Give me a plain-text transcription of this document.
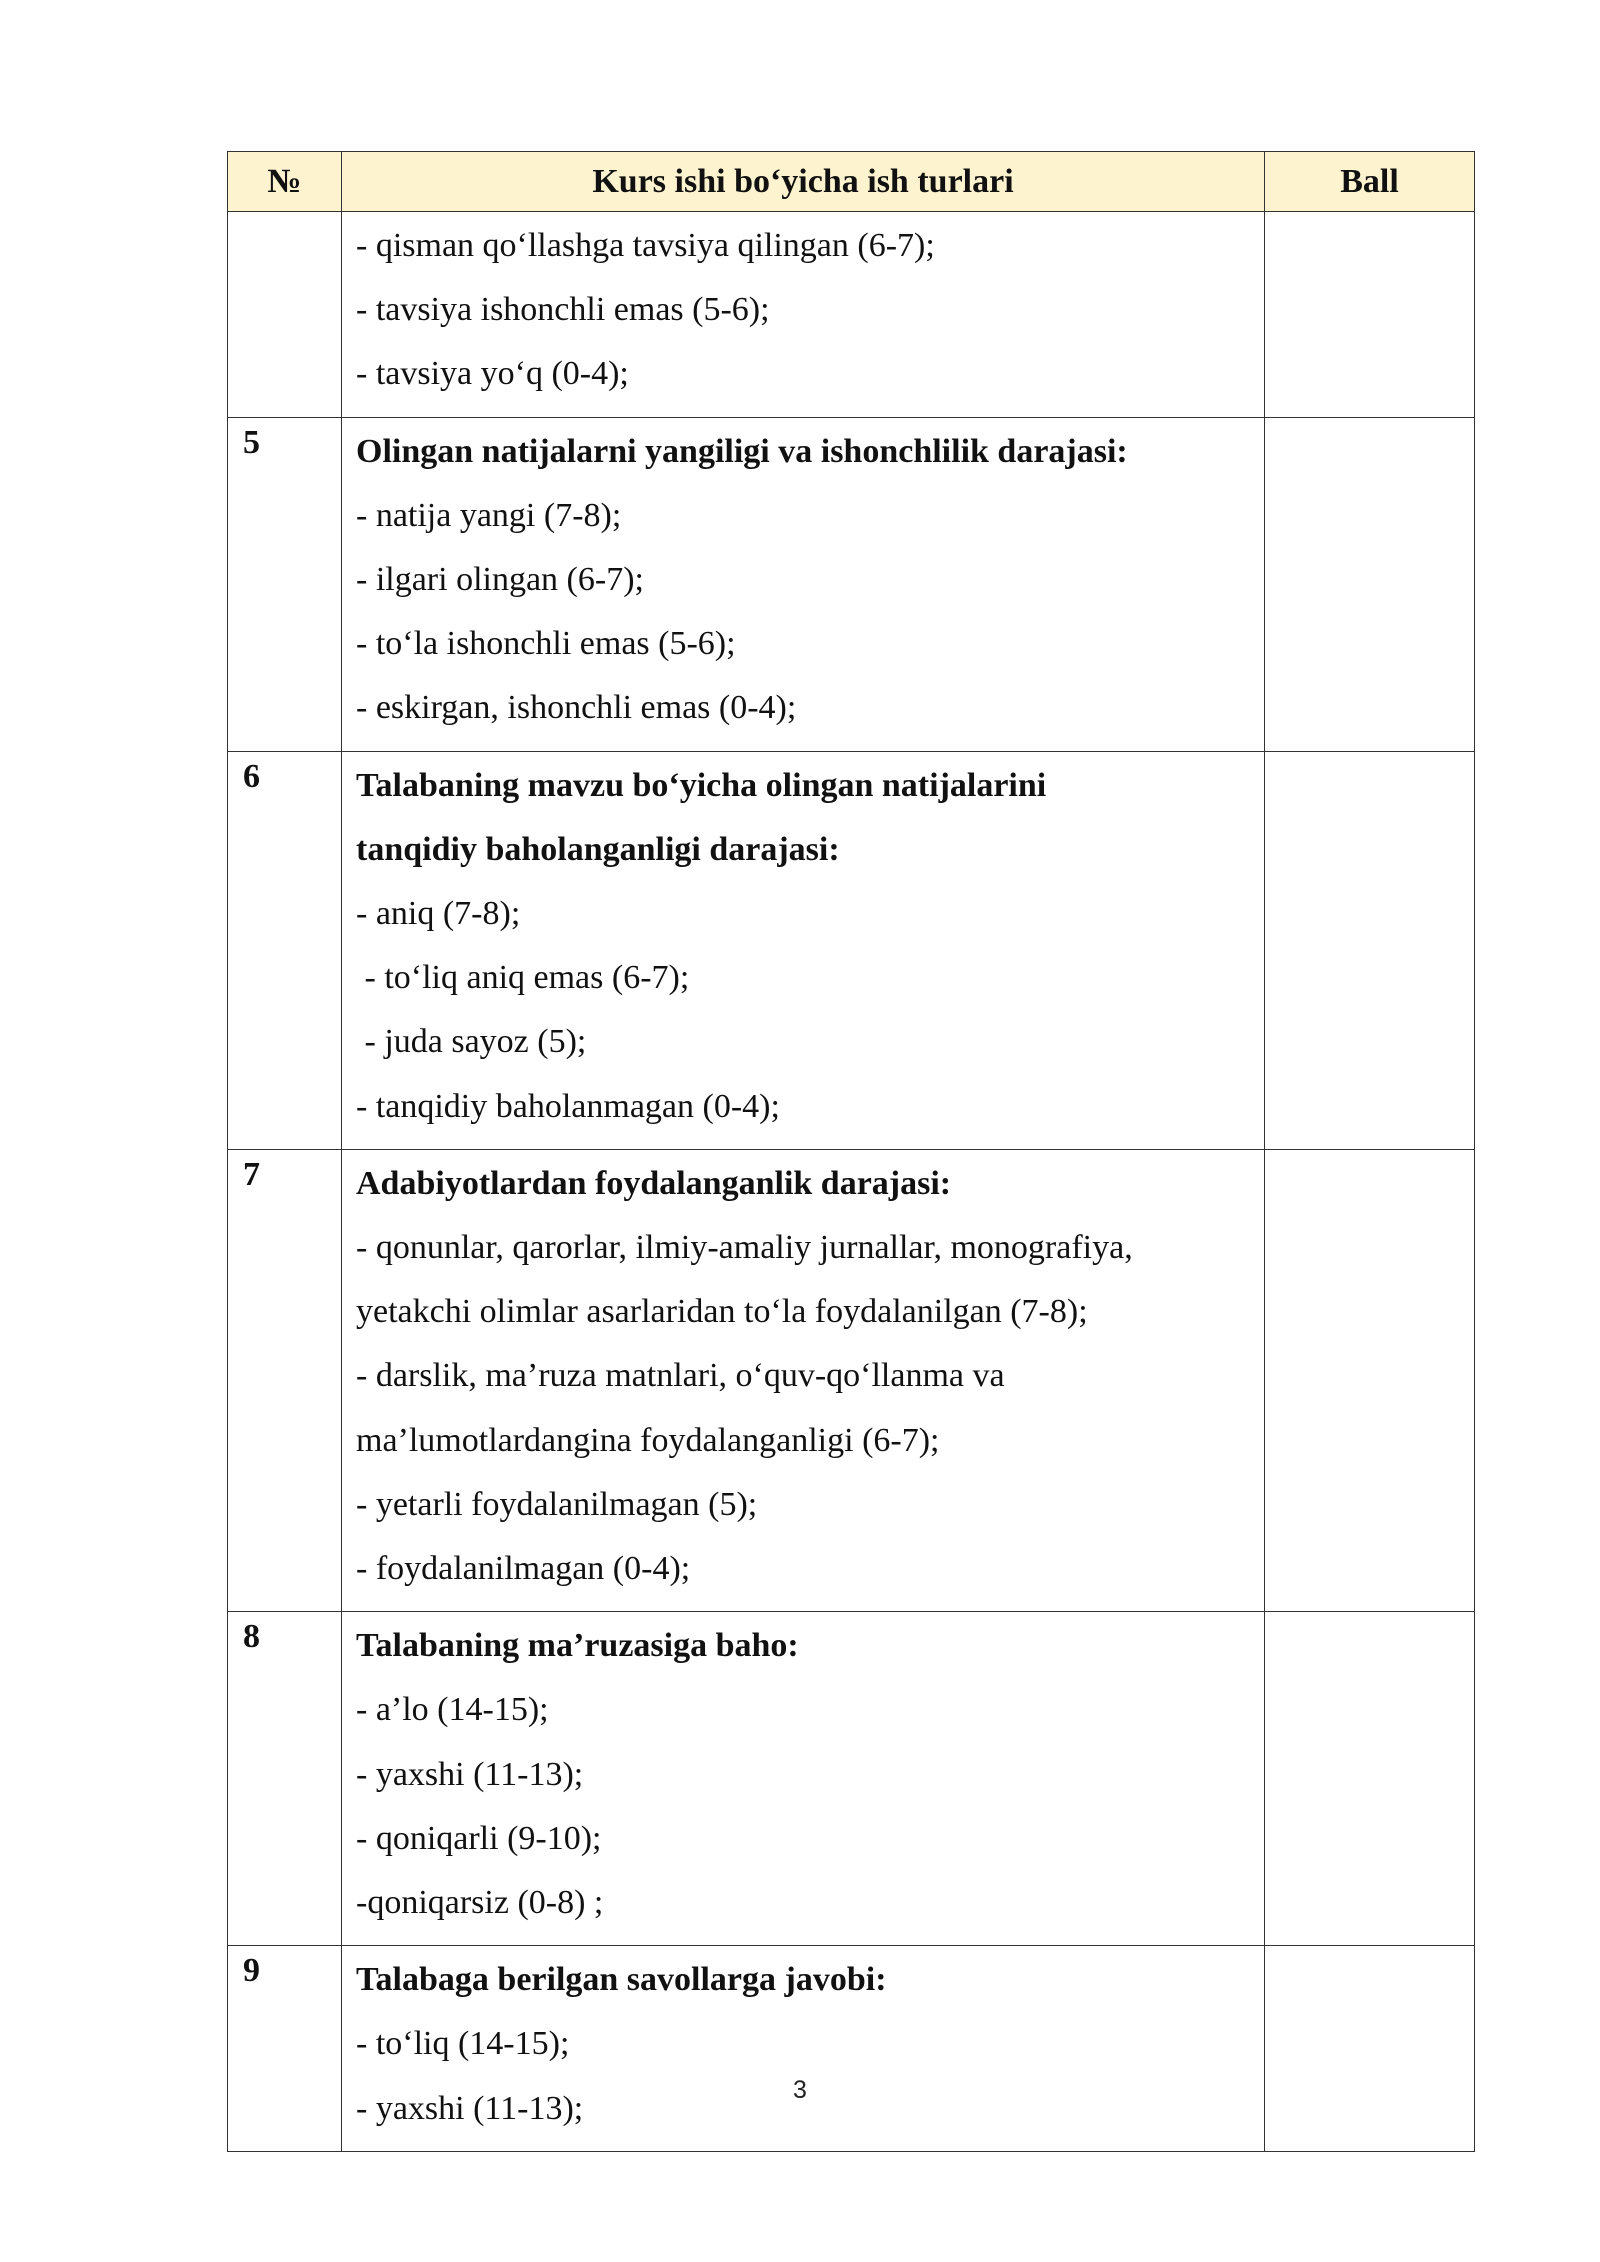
№	Kurs ishi bo‘yicha ish turlari	Ball

	- qisman qo‘llashga tavsiya qilingan (6-7);
- tavsiya ishonchli emas (5-6);
- tavsiya yo‘q (0-4);	

5	Olingan natijalarni yangiligi va ishonchlilik darajasi:
- natija yangi (7-8);
- ilgari olingan (6-7);
- to‘la ishonchli emas (5-6);
- eskirgan, ishonchli emas (0-4);	

6	Talabaning mavzu bo‘yicha olingan natijalarini tanqidiy baholanganligi darajasi:
- aniq (7-8);
- to‘liq aniq emas (6-7);
- juda sayoz (5);
- tanqidiy baholanmagan (0-4);	

7	Adabiyotlardan foydalanganlik darajasi:
- qonunlar, qarorlar, ilmiy-amaliy jurnallar, monografiya, yetakchi olimlar asarlaridan to‘la foydalanilgan (7-8);
- darslik, ma’ruza matnlari, o‘quv-qo‘llanma va ma’lumotlardangina foydalanganligi (6-7);
- yetarli foydalanilmagan (5);
- foydalanilmagan (0-4);	

8	Talabaning ma’ruzasiga baho:
- a’lo (14-15);
- yaxshi (11-13);
- qoniqarli (9-10);
-qoniqarsiz (0-8) ;	

9	Talabaga berilgan savollarga javobi:
- to‘liq (14-15);
- yaxshi (11-13);	
		3
